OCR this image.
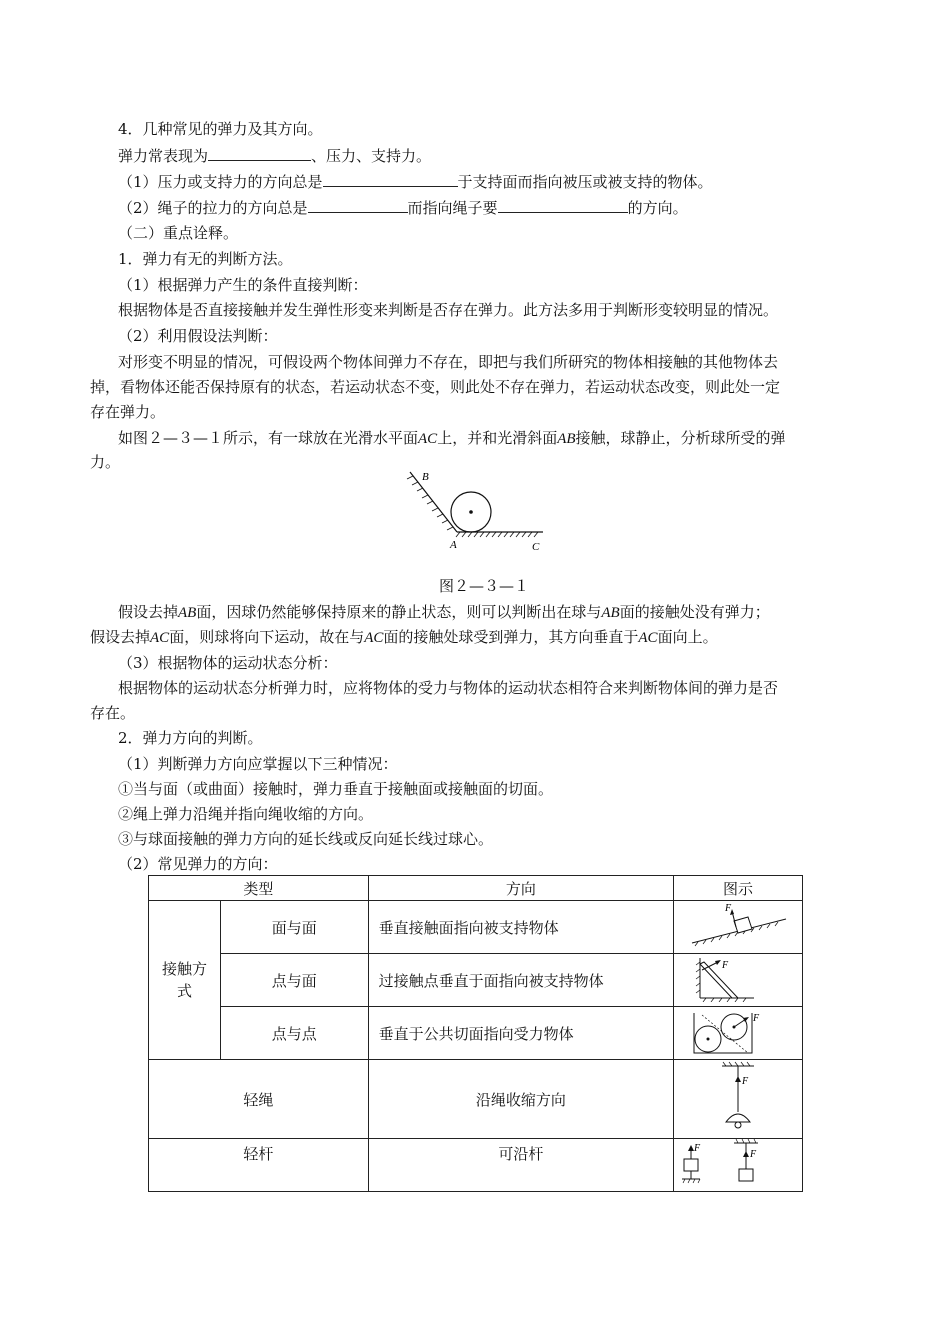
4．几种常见的弹力及其方向。
弹力常表现为	、压力、支持力。
（1）压力或支持力的方向总是	于支持面而指向被压或被支持的物体。
（2）绳子的拉力的方向总是	而指向绳子要	的方向。
（二）重点诠释。
1．弹力有无的判断方法。
（1）根据弹力产生的条件直接判断：
根据物体是否直接接触并发生弹性形变来判断是否存在弹力。此方法多用于判断形变较明显的情况。
（2）利用假设法判断：
对形变不明显的情况，可假设两个物体间弹力不存在，即把与我们所研究的物体相接触的其他物体去
掉，看物体还能否保持原有的状态，若运动状态不变，则此处不存在弹力，若运动状态改变，则此处一定
存在弹力。
如图２—３—１所示，有一球放在光滑水平面AC上，并和光滑斜面AB接触，球静止，分析球所受的弹
力。
B
A	C
图２—３—１
假设去掉AB面，因球仍然能够保持原来的静止状态，则可以判断出在球与AB面的接触处没有弹力；
假设去掉AC面，则球将向下运动，故在与AC面的接触处球受到弹力，其方向垂直于AC面向上。
（3）根据物体的运动状态分析：
根据物体的运动状态分析弹力时，应将物体的受力与物体的运动状态相符合来判断物体间的弹力是否
存在。
2．弹力方向的判断。
（1）判断弹力方向应掌握以下三种情况：
①当与面（或曲面）接触时，弹力垂直于接触面或接触面的切面。
②绳上弹力沿绳并指向绳收缩的方向。
③与球面接触的弹力方向的延长线或反向延长线过球心。
（2）常见弹力的方向：
类型		方向	图示

接触方式	面与面	垂直接触面指向被支持物体	F

	点与面	过接触点垂直于面指向被支持物体	F

	点与点	垂直于公共切面指向受力物体	F

轻绳		沿绳收缩方向	F

轻杆		可沿杆	F
F
